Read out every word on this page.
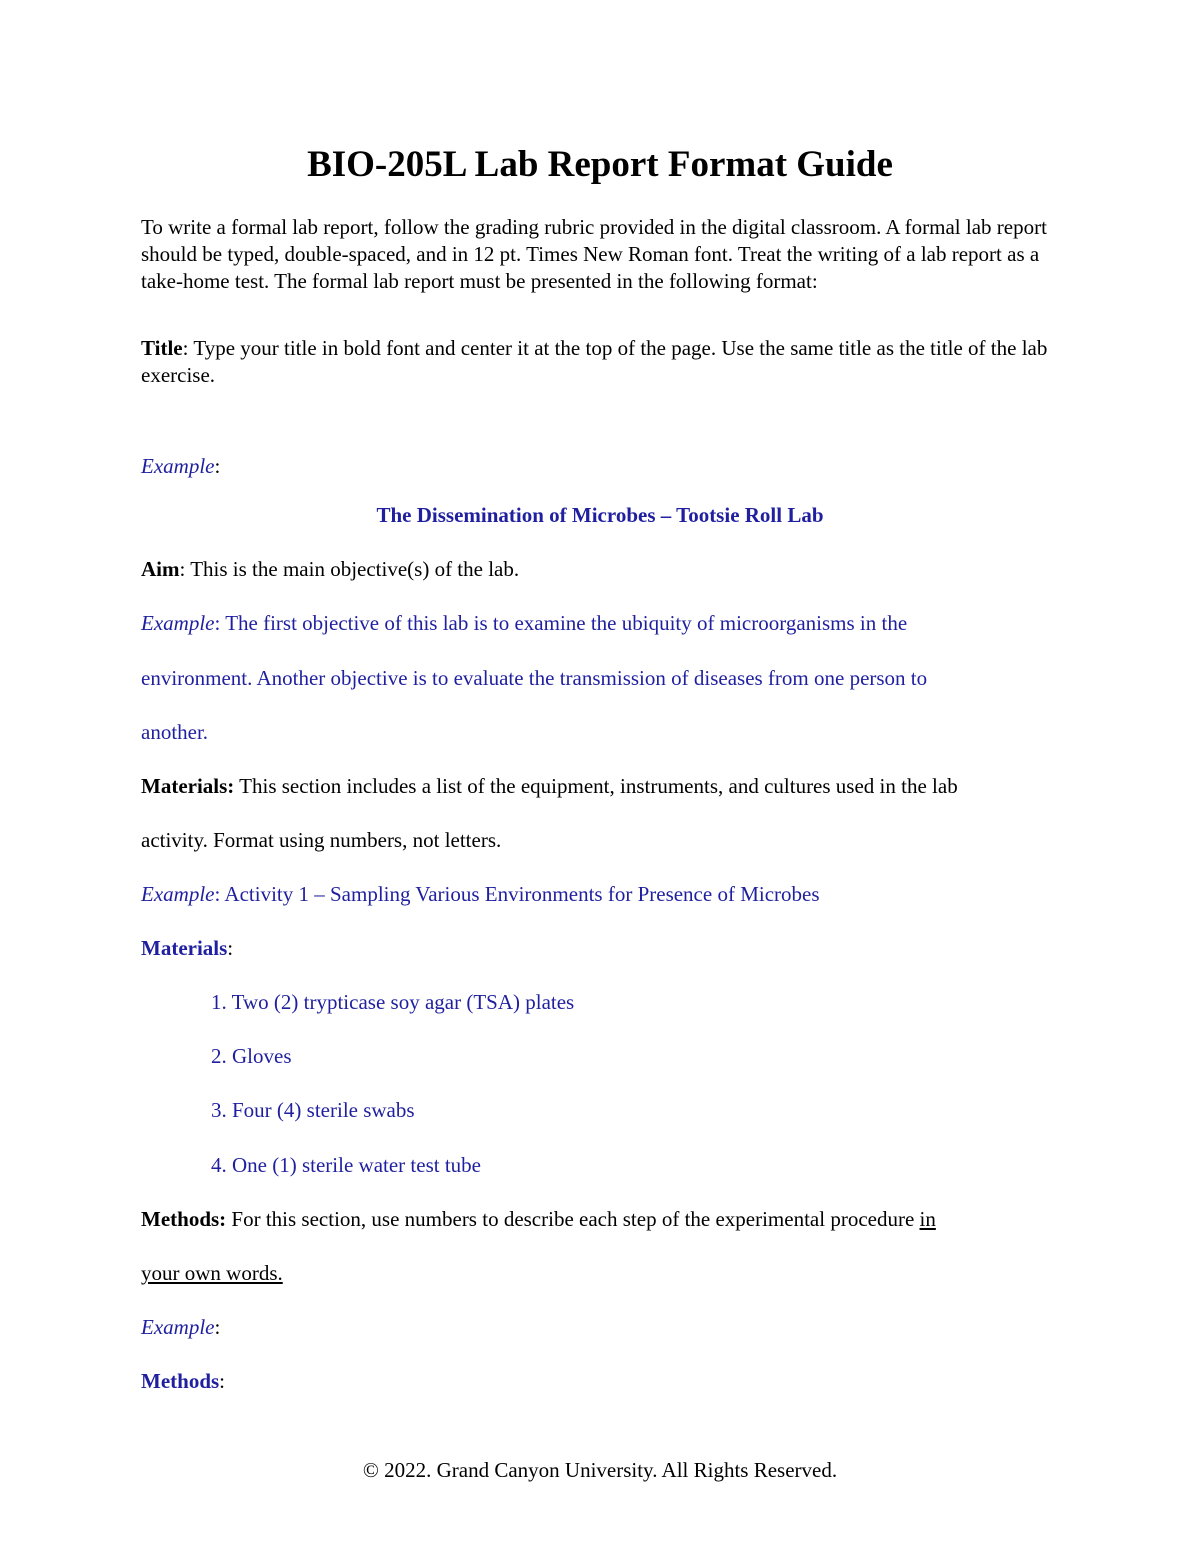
BIO-205L Lab Report Format Guide
To write a formal lab report, follow the grading rubric provided in the digital classroom. A formal lab report should be typed, double-spaced, and in 12 pt. Times New Roman font. Treat the writing of a lab report as a take-home test. The formal lab report must be presented in the following format:
Title: Type your title in bold font and center it at the top of the page. Use the same title as the title of the lab exercise.
Example:
The Dissemination of Microbes – Tootsie Roll Lab
Aim: This is the main objective(s) of the lab.
Example: The first objective of this lab is to examine the ubiquity of microorganisms in the
environment. Another objective is to evaluate the transmission of diseases from one person to
another.
Materials: This section includes a list of the equipment, instruments, and cultures used in the lab
activity. Format using numbers, not letters.
Example: Activity 1 – Sampling Various Environments for Presence of Microbes
Materials:
1. Two (2) trypticase soy agar (TSA) plates
2. Gloves
3. Four (4) sterile swabs
4. One (1) sterile water test tube
Methods: For this section, use numbers to describe each step of the experimental procedure in
your own words.
Example:
Methods:
© 2022. Grand Canyon University. All Rights Reserved.
